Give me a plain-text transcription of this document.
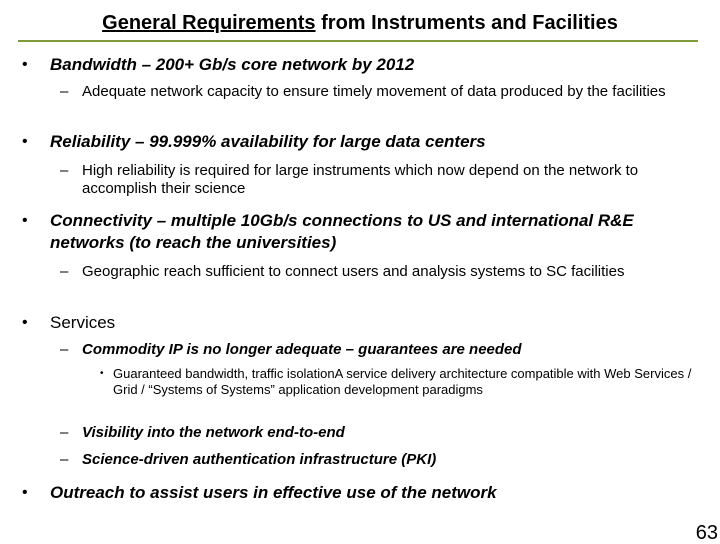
General Requirements from Instruments and Facilities
• Bandwidth – 200+ Gb/s core network by 2012
– Adequate network capacity to ensure timely movement of data produced by the facilities
• Reliability – 99.999% availability for large data centers
– High reliability is required for large instruments which now depend on the network to accomplish their science
• Connectivity – multiple 10Gb/s connections to US and international R&E networks (to reach the universities)
– Geographic reach sufficient to connect users and analysis systems to SC facilities
• Services
– Commodity IP is no longer adequate – guarantees are needed
• Guaranteed bandwidth, traffic isolationA service delivery architecture compatible with Web Services / Grid / “Systems of Systems” application development paradigms
– Visibility into the network end-to-end
– Science-driven authentication infrastructure (PKI)
• Outreach to assist users in effective use of the network
63
